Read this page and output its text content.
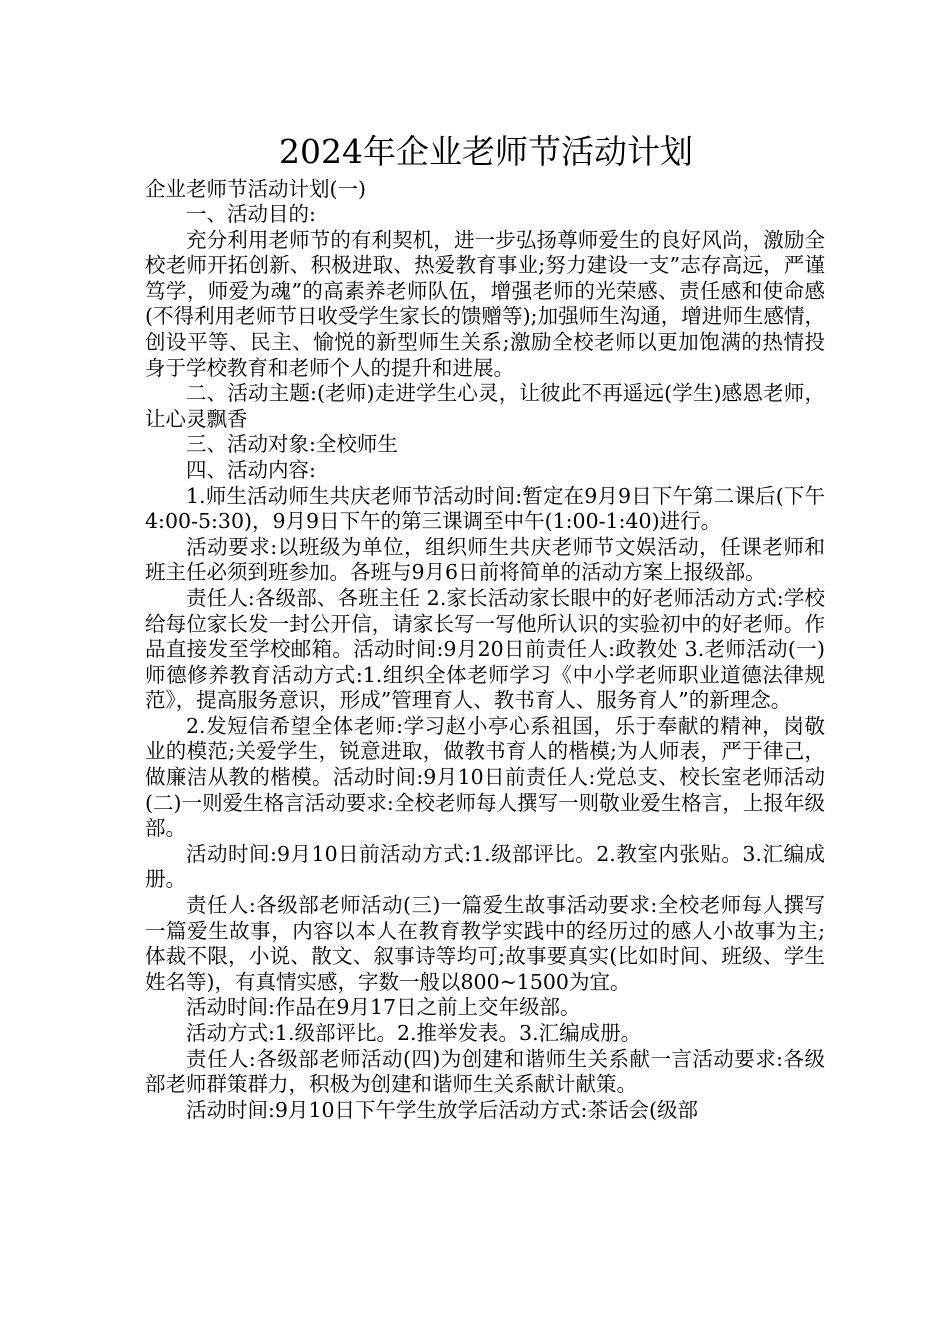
2024年企业老师节活动计划

企业老师节活动计划(一)

一、活动目的:

充分利用老师节的有利契机，进一步弘扬尊师爱生的良好风尚，激励全校老师开拓创新、积极进取、热爱教育事业;努力建设一支”志存高远，严谨笃学，师爱为魂”的高素养老师队伍，增强老师的光荣感、责任感和使命感(不得利用老师节日收受学生家长的馈赠等);加强师生沟通，增进师生感情，创设平等、民主、愉悦的新型师生关系;激励全校老师以更加饱满的热情投身于学校教育和老师个人的提升和进展。

二、活动主题:(老师)走进学生心灵，让彼此不再遥远(学生)感恩老师，让心灵飘香

三、活动对象:全校师生

四、活动内容:

1.师生活动师生共庆老师节活动时间:暂定在9月9日下午第二课后(下午4:00-5:30)，9月9日下午的第三课调至中午(1:00-1:40)进行。

活动要求:以班级为单位，组织师生共庆老师节文娱活动，任课老师和班主任必须到班参加。各班与9月6日前将简单的活动方案上报级部。

责任人:各级部、各班主任 2.家长活动家长眼中的好老师活动方式:学校给每位家长发一封公开信，请家长写一写他所认识的实验初中的好老师。作品直接发至学校邮箱。活动时间:9月20日前责任人:政教处 3.老师活动(一)师德修养教育活动方式:1.组织全体老师学习《中小学老师职业道德法律规范》，提高服务意识，形成”管理育人、教书育人、服务育人”的新理念。

2.发短信希望全体老师:学习赵小亭心系祖国，乐于奉献的精神，岗敬业的模范;关爱学生，锐意进取，做教书育人的楷模;为人师表，严于律己，做廉洁从教的楷模。活动时间:9月10日前责任人:党总支、校长室老师活动(二)一则爱生格言活动要求:全校老师每人撰写一则敬业爱生格言，上报年级部。

活动时间:9月10日前活动方式:1.级部评比。2.教室内张贴。3.汇编成册。

责任人:各级部老师活动(三)一篇爱生故事活动要求:全校老师每人撰写一篇爱生故事，内容以本人在教育教学实践中的经历过的感人小故事为主;体裁不限，小说、散文、叙事诗等均可;故事要真实(比如时间、班级、学生姓名等)，有真情实感，字数一般以800~1500为宜。

活动时间:作品在9月17日之前上交年级部。

活动方式:1.级部评比。2.推举发表。3.汇编成册。

责任人:各级部老师活动(四)为创建和谐师生关系献一言活动要求:各级部老师群策群力，积极为创建和谐师生关系献计献策。

活动时间:9月10日下午学生放学后活动方式:茶话会(级部
